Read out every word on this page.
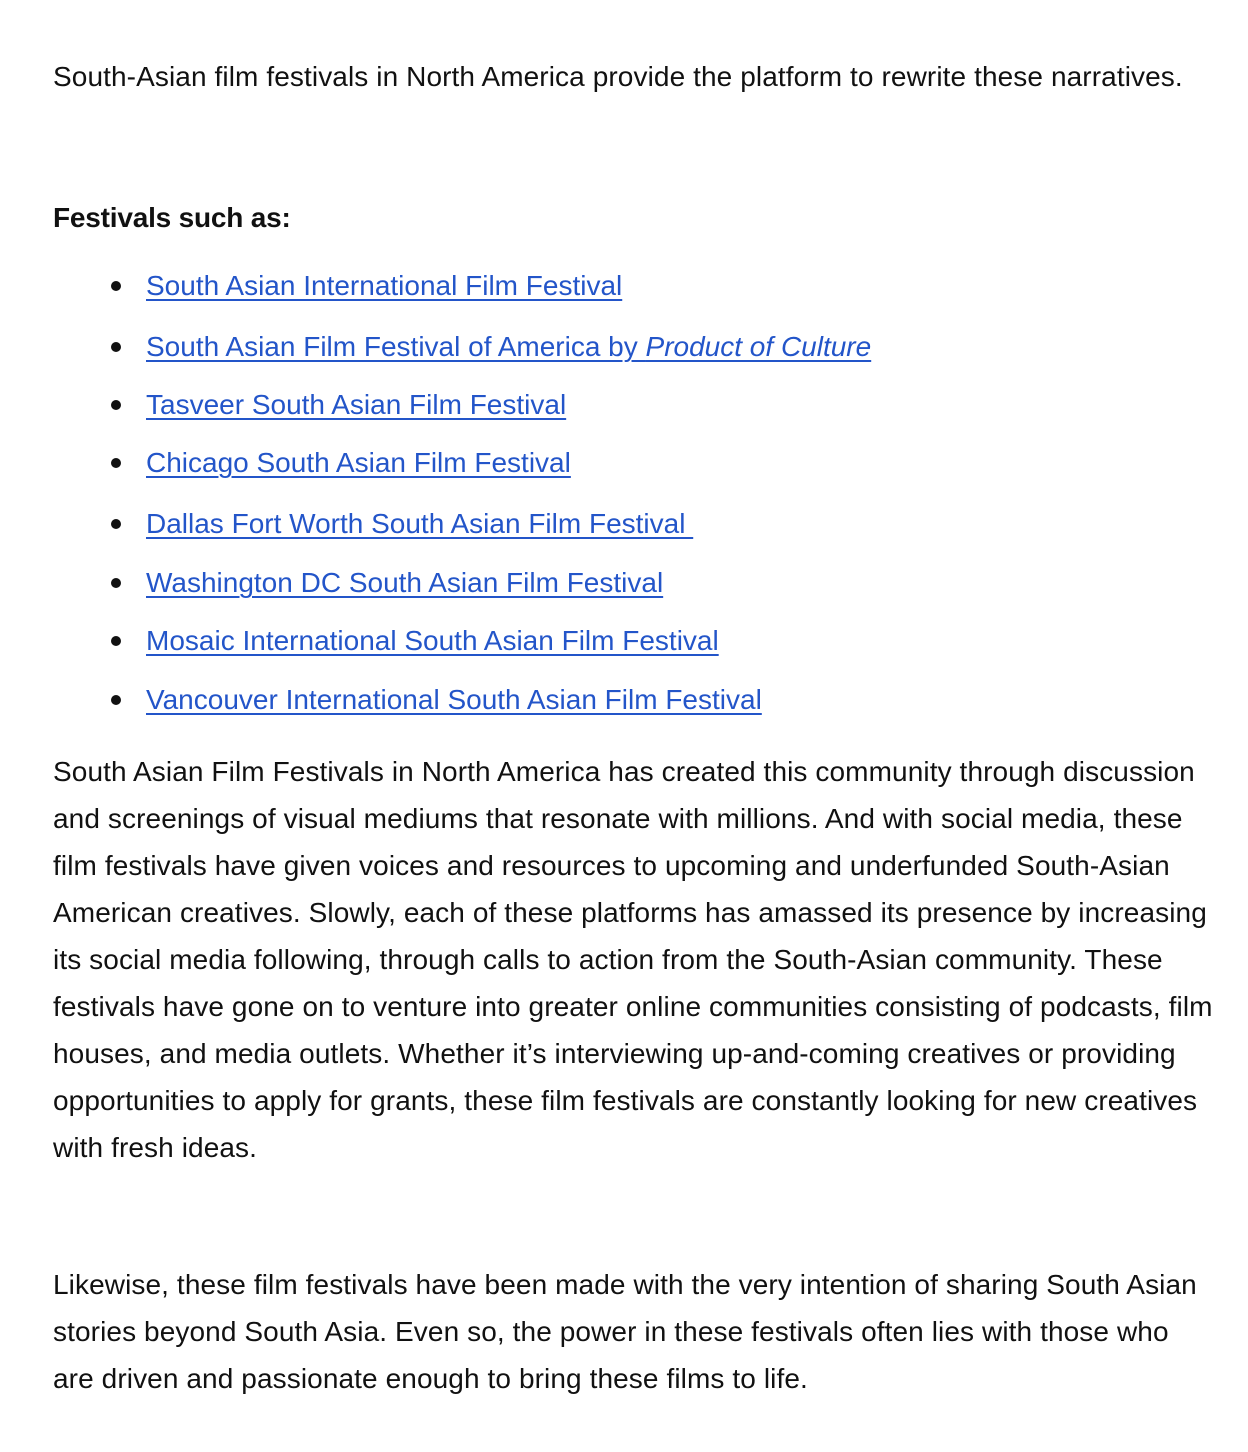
South-Asian film festivals in North America provide the platform to rewrite these narratives.

Festivals such as:
South Asian International Film Festival
South Asian Film Festival of America by Product of Culture
Tasveer South Asian Film Festival
Chicago South Asian Film Festival
Dallas Fort Worth South Asian Film Festival
Washington DC South Asian Film Festival
Mosaic International South Asian Film Festival
Vancouver International South Asian Film Festival

South Asian Film Festivals in North America has created this community through discussion and screenings of visual mediums that resonate with millions. And with social media, these film festivals have given voices and resources to upcoming and underfunded South-Asian American creatives. Slowly, each of these platforms has amassed its presence by increasing its social media following, through calls to action from the South-Asian community. These festivals have gone on to venture into greater online communities consisting of podcasts, film houses, and media outlets. Whether it’s interviewing up-and-coming creatives or providing opportunities to apply for grants, these film festivals are constantly looking for new creatives with fresh ideas.

Likewise, these film festivals have been made with the very intention of sharing South Asian stories beyond South Asia. Even so, the power in these festivals often lies with those who are driven and passionate enough to bring these films to life.
